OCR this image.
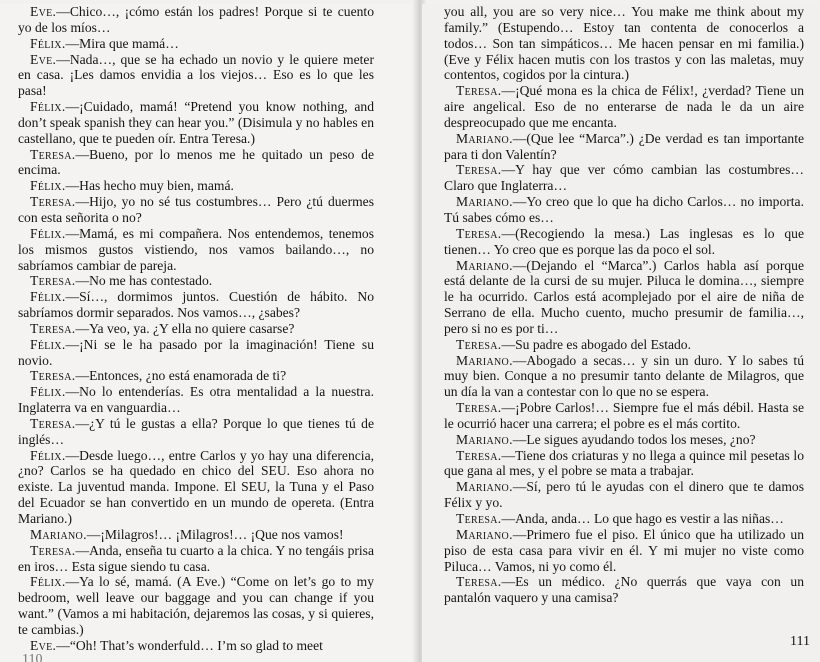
Eve.—Chico…, ¡cómo están los padres! Porque si te cuento yo de los míos…

Félix.—Mira que mamá…

Eve.—Nada…, que se ha echado un novio y le quiere meter en casa. ¡Les damos envidia a los viejos… Eso es lo que les pasa!

Félix.—¡Cuidado, mamá! “Pretend you know nothing, and don’t speak spanish they can hear you.” (Disimula y no hables en castellano, que te pueden oír. Entra Teresa.)

Teresa.—Bueno, por lo menos me he quitado un peso de encima.

Félix.—Has hecho muy bien, mamá.

Teresa.—Hijo, yo no sé tus costumbres… Pero ¿tú duermes con esta señorita o no?

Félix.—Mamá, es mi compañera. Nos entendemos, tenemos los mismos gustos vistiendo, nos vamos bailando…, no sabríamos cambiar de pareja.

Teresa.—No me has contestado.

Félix.—Sí…, dormimos juntos. Cuestión de hábito. No sabríamos dormir separados. Nos vamos…, ¿sabes?

Teresa.—Ya veo, ya. ¿Y ella no quiere casarse?

Félix.—¡Ni se le ha pasado por la imaginación! Tiene su novio.

Teresa.—Entonces, ¿no está enamorada de ti?

Félix.—No lo entenderías. Es otra mentalidad a la nuestra. Inglaterra va en vanguardia…

Teresa.—¿Y tú le gustas a ella? Porque lo que tienes tú de inglés…

Félix.—Desde luego…, entre Carlos y yo hay una diferencia, ¿no? Carlos se ha quedado en chico del SEU. Eso ahora no existe. La juventud manda. Impone. El SEU, la Tuna y el Paso del Ecuador se han convertido en un mundo de opereta. (Entra Mariano.)

Mariano.—¡Milagros!… ¡Milagros!… ¡Que nos vamos!

Teresa.—Anda, enseña tu cuarto a la chica. Y no tengáis prisa en iros… Esta sigue siendo tu casa.

Félix.—Ya lo sé, mamá. (A Eve.) “Come on let’s go to my bedroom, well leave our baggage and you can change if you want.” (Vamos a mi habitación, dejaremos las cosas, y si quieres, te cambias.)

Eve.—“Oh! That’s wonderfuld… I’m so glad to meet

110

you all, you are so very nice… You make me think about my family.” (Estupendo… Estoy tan contenta de conocerlos a todos… Son tan simpáticos… Me hacen pensar en mi familia.) (Eve y Félix hacen mutis con los trastos y con las maletas, muy contentos, cogidos por la cintura.)

Teresa.—¡Qué mona es la chica de Félix!, ¿verdad? Tiene un aire angelical. Eso de no enterarse de nada le da un aire despreocupado que me encanta.

Mariano.—(Que lee “Marca”.) ¿De verdad es tan importante para ti don Valentín?

Teresa.—Y hay que ver cómo cambian las costumbres… Claro que Inglaterra…

Mariano.—Yo creo que lo que ha dicho Carlos… no importa. Tú sabes cómo es…

Teresa.—(Recogiendo la mesa.) Las inglesas es lo que tienen… Yo creo que es porque las da poco el sol.

Mariano.—(Dejando el “Marca”.) Carlos habla así porque está delante de la cursi de su mujer. Piluca le domina…, siempre le ha ocurrido. Carlos está acomplejado por el aire de niña de Serrano de ella. Mucho cuento, mucho presumir de familia…, pero si no es por ti…

Teresa.—Su padre es abogado del Estado.

Mariano.—Abogado a secas… y sin un duro. Y lo sabes tú muy bien. Conque a no presumir tanto delante de Milagros, que un día la van a contestar con lo que no se espera.

Teresa.—¡Pobre Carlos!… Siempre fue el más débil. Hasta se le ocurrió hacer una carrera; el pobre es el más cortito.

Mariano.—Le sigues ayudando todos los meses, ¿no?

Teresa.—Tiene dos criaturas y no llega a quince mil pesetas lo que gana al mes, y el pobre se mata a trabajar.

Mariano.—Sí, pero tú le ayudas con el dinero que te damos Félix y yo.

Teresa.—Anda, anda… Lo que hago es vestir a las niñas…

Mariano.—Primero fue el piso. El único que ha utilizado un piso de esta casa para vivir en él. Y mi mujer no viste como Piluca… Vamos, ni yo como él.

Teresa.—Es un médico. ¿No querrás que vaya con un pantalón vaquero y una camisa?

111
